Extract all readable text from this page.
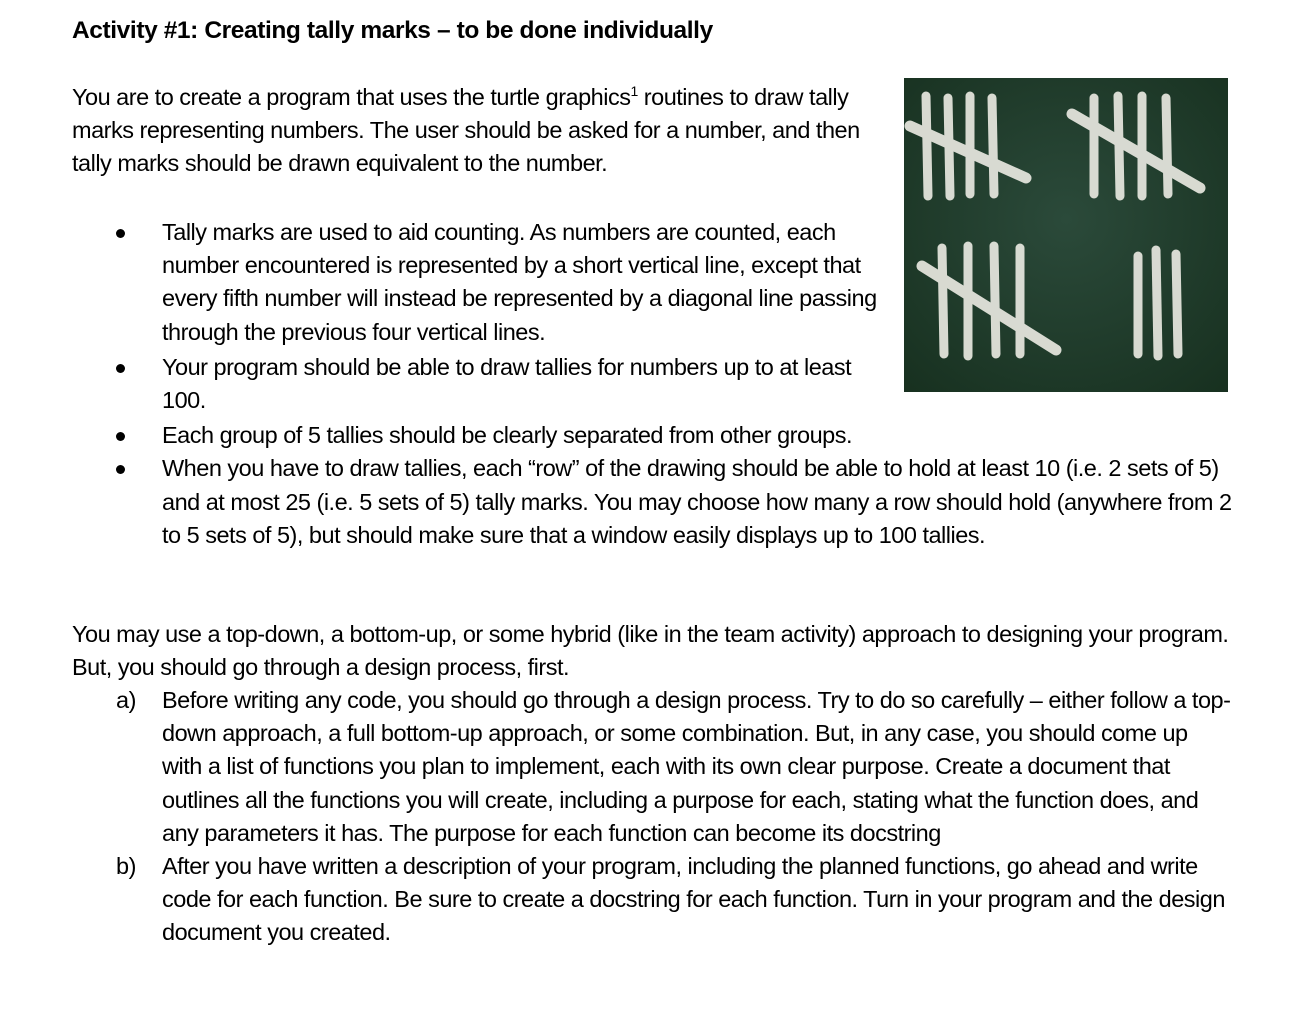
Activity #1: Creating tally marks – to be done individually
You are to create a program that uses the turtle graphics$^1$ routines to draw tally marks representing numbers. The user should be asked for a number, and then tally marks should be drawn equivalent to the number.
Tally marks are used to aid counting. As numbers are counted, each number encountered is represented by a short vertical line, except that every fifth number will instead be represented by a diagonal line passing through the previous four vertical lines.
Your program should be able to draw tallies for numbers up to at least 100.
Each group of 5 tallies should be clearly separated from other groups.
When you have to draw tallies, each “row” of the drawing should be able to hold at least 10 (i.e. 2 sets of 5) and at most 25 (i.e. 5 sets of 5) tally marks. You may choose how many a row should hold (anywhere from 2 to 5 sets of 5), but should make sure that a window easily displays up to 100 tallies.
You may use a top-down, a bottom-up, or some hybrid (like in the team activity) approach to designing your program. But, you should go through a design process, first.
a) Before writing any code, you should go through a design process. Try to do so carefully – either follow a top-down approach, a full bottom-up approach, or some combination. But, in any case, you should come up with a list of functions you plan to implement, each with its own clear purpose. Create a document that outlines all the functions you will create, including a purpose for each, stating what the function does, and any parameters it has. The purpose for each function can become its docstring
b) After you have written a description of your program, including the planned functions, go ahead and write code for each function. Be sure to create a docstring for each function. Turn in your program and the design document you created.
